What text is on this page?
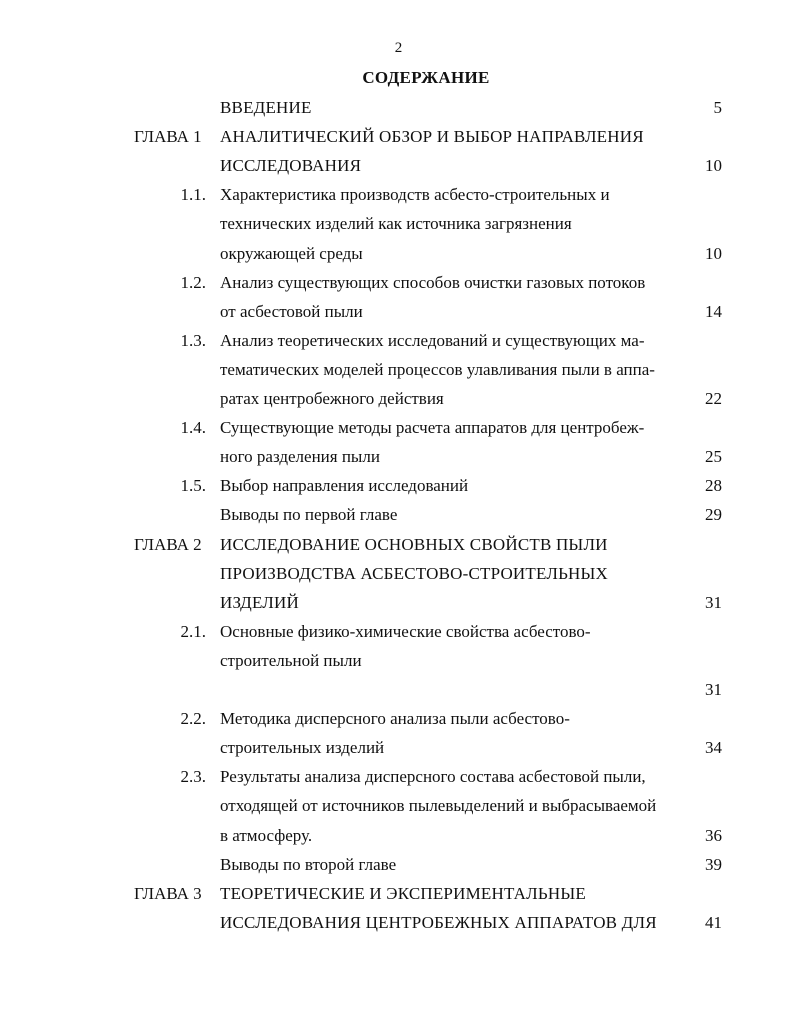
2
СОДЕРЖАНИЕ
ВВЕДЕНИЕ	5
ГЛАВА 1 АНАЛИТИЧЕСКИЙ ОБЗОР И ВЫБОР НАПРАВЛЕНИЯ
ИССЛЕДОВАНИЯ	10
1.1. Характеристика производств асбесто-строительных и
технических изделий как источника загрязнения
окружающей среды	10
1.2. Анализ существующих способов очистки газовых потоков
от асбестовой пыли	14
1.3. Анализ теоретических исследований и существующих ма-
тематических моделей процессов улавливания пыли в аппа-
ратах центробежного действия	22
1.4. Существующие методы расчета аппаратов для центробеж-
ного разделения пыли	25
1.5. Выбор направления исследований	28
Выводы по первой главе	29
ГЛАВА 2 ИССЛЕДОВАНИЕ ОСНОВНЫХ СВОЙСТВ ПЫЛИ
ПРОИЗВОДСТВА АСБЕСТОВО-СТРОИТЕЛЬНЫХ
ИЗДЕЛИЙ	31
2.1. Основные физико-химические свойства асбестово-
строительной пыли
31
2.2. Методика дисперсного анализа пыли асбестово-
строительных изделий	34
2.3. Результаты анализа дисперсного состава асбестовой пыли,
отходящей от источников пылевыделений и выбрасываемой
в атмосферу.	36
Выводы по второй главе	39
ГЛАВА 3 ТЕОРЕТИЧЕСКИЕ И ЭКСПЕРИМЕНТАЛЬНЫЕ
ИССЛЕДОВАНИЯ ЦЕНТРОБЕЖНЫХ АППАРАТОВ ДЛЯ	41
